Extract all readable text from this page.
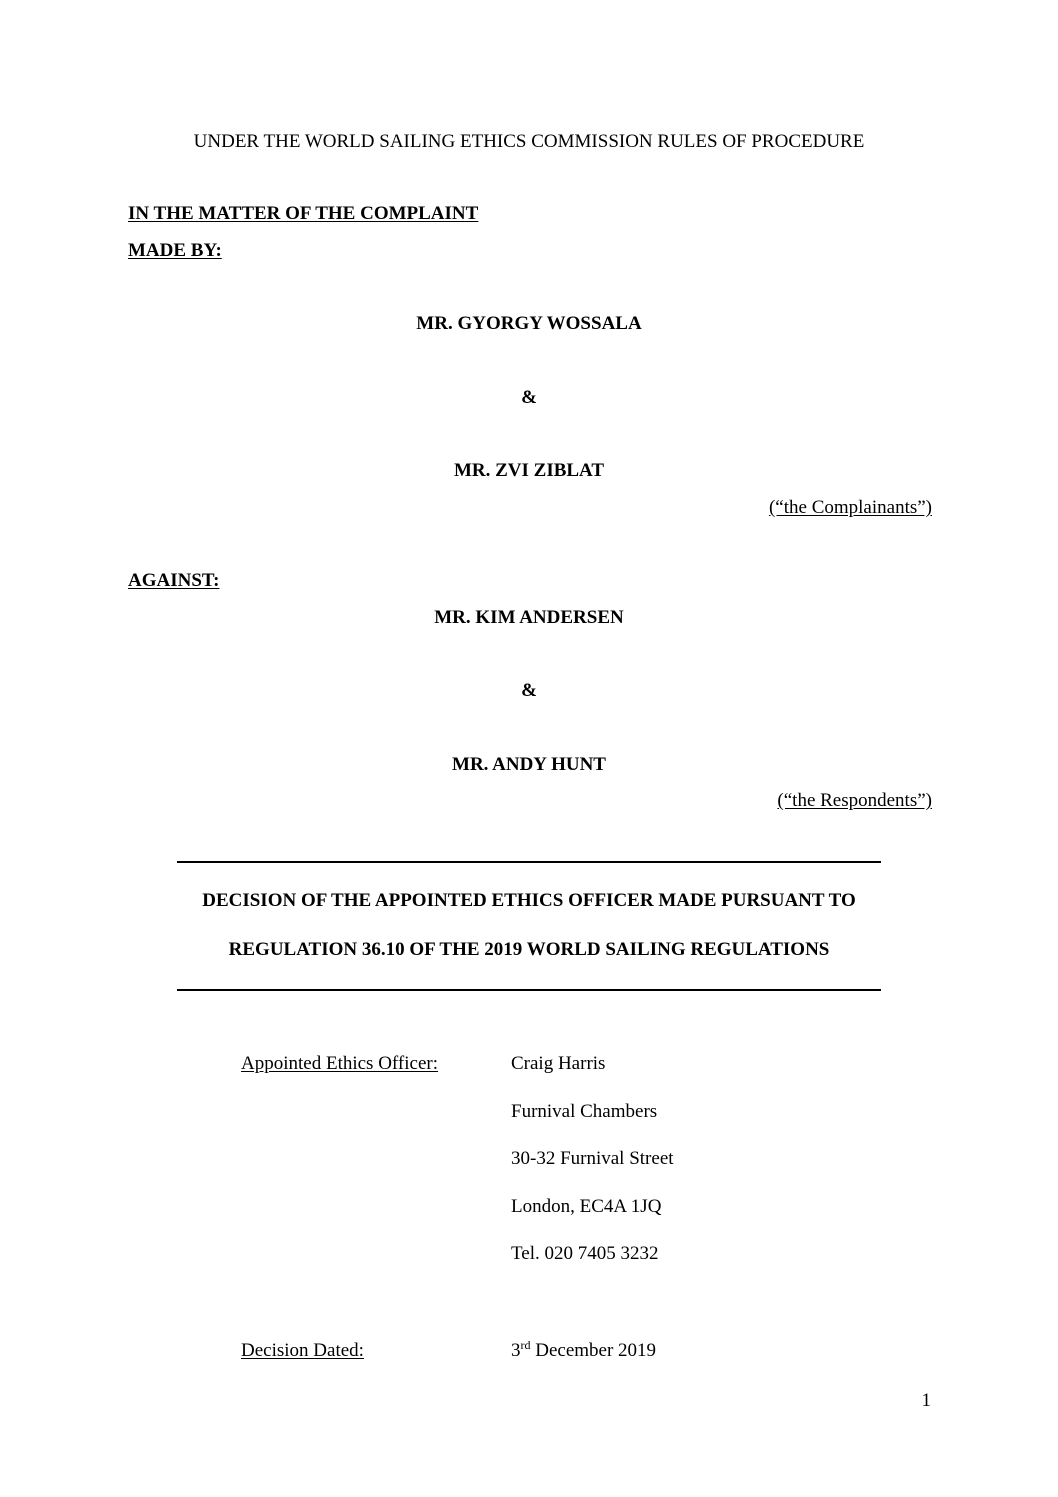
UNDER THE WORLD SAILING ETHICS COMMISSION RULES OF PROCEDURE
IN THE MATTER OF THE COMPLAINT
MADE BY:
MR. GYORGY WOSSALA
&
MR. ZVI ZIBLAT
(“the Complainants”)
AGAINST:
MR. KIM ANDERSEN
&
MR. ANDY HUNT
(“the Respondents”)
DECISION OF THE APPOINTED ETHICS OFFICER MADE PURSUANT TO
REGULATION 36.10 OF THE 2019 WORLD SAILING REGULATIONS
Appointed Ethics Officer:	Craig Harris
Furnival Chambers
30-32 Furnival Street
London, EC4A 1JQ
Tel. 020 7405 3232
Decision Dated:	3rd December 2019
1
